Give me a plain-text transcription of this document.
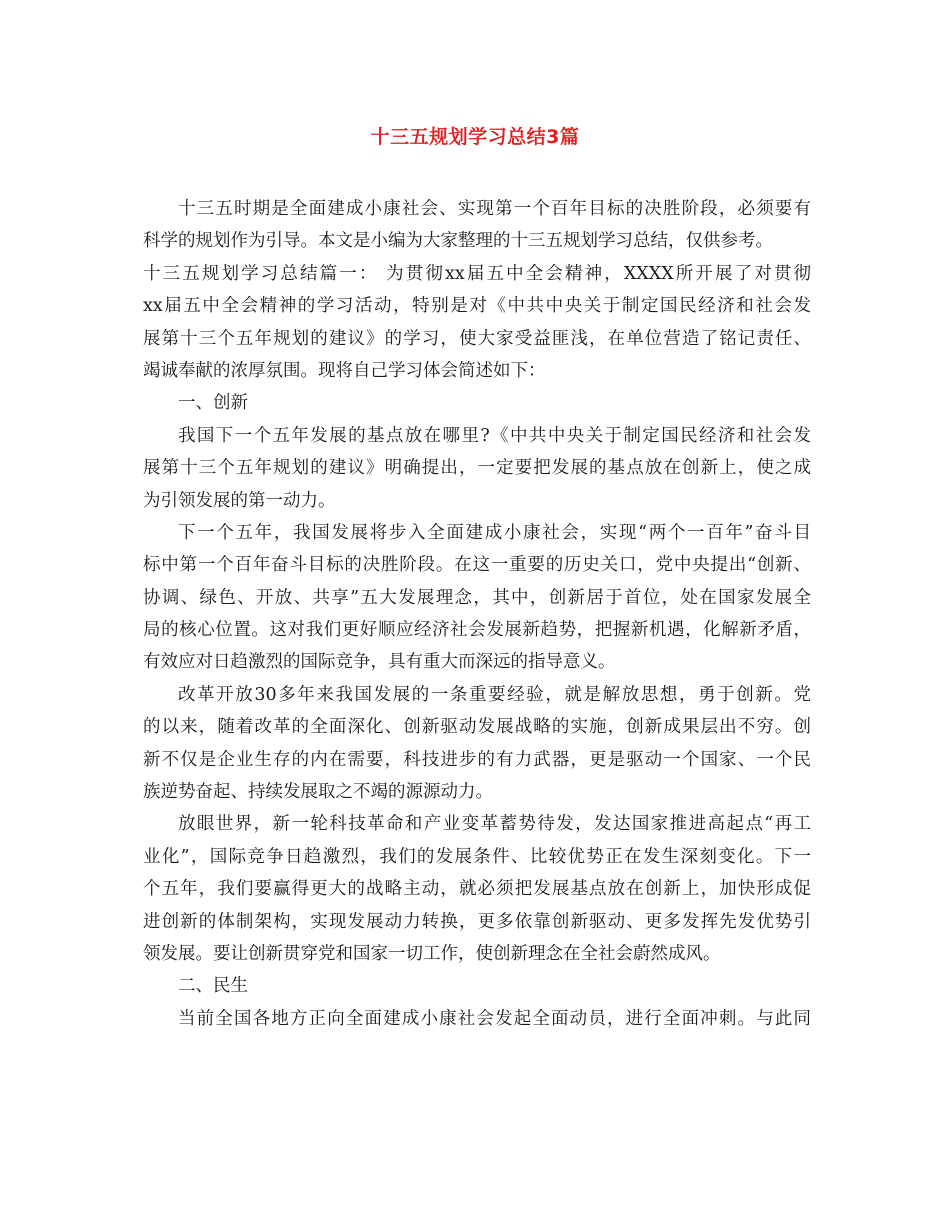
十三五规划学习总结3篇
十三五时期是全面建成小康社会、实现第一个百年目标的决胜阶段，必须要有
科学的规划作为引导。本文是小编为大家整理的十三五规划学习总结，仅供参考。
十三五规划学习总结篇一： 为贯彻xx届五中全会精神，XXXX所开展了对贯彻
xx届五中全会精神的学习活动，特别是对《中共中央关于制定国民经济和社会发
展第十三个五年规划的建议》的学习，使大家受益匪浅，在单位营造了铭记责任、
竭诚奉献的浓厚氛围。现将自己学习体会简述如下：
一、创新
我国下一个五年发展的基点放在哪里?《中共中央关于制定国民经济和社会发
展第十三个五年规划的建议》明确提出，一定要把发展的基点放在创新上，使之成
为引领发展的第一动力。
下一个五年，我国发展将步入全面建成小康社会，实现“两个一百年”奋斗目
标中第一个百年奋斗目标的决胜阶段。在这一重要的历史关口，党中央提出“创新、
协调、绿色、开放、共享”五大发展理念，其中，创新居于首位，处在国家发展全
局的核心位置。这对我们更好顺应经济社会发展新趋势，把握新机遇，化解新矛盾，
有效应对日趋激烈的国际竞争，具有重大而深远的指导意义。
改革开放30多年来我国发展的一条重要经验，就是解放思想，勇于创新。党
的以来，随着改革的全面深化、创新驱动发展战略的实施，创新成果层出不穷。创
新不仅是企业生存的内在需要，科技进步的有力武器，更是驱动一个国家、一个民
族逆势奋起、持续发展取之不竭的源源动力。
放眼世界，新一轮科技革命和产业变革蓄势待发，发达国家推进高起点“再工
业化”，国际竞争日趋激烈，我们的发展条件、比较优势正在发生深刻变化。下一
个五年，我们要赢得更大的战略主动，就必须把发展基点放在创新上，加快形成促
进创新的体制架构，实现发展动力转换，更多依靠创新驱动、更多发挥先发优势引
领发展。要让创新贯穿党和国家一切工作，使创新理念在全社会蔚然成风。
二、民生
当前全国各地方正向全面建成小康社会发起全面动员，进行全面冲刺。与此同
